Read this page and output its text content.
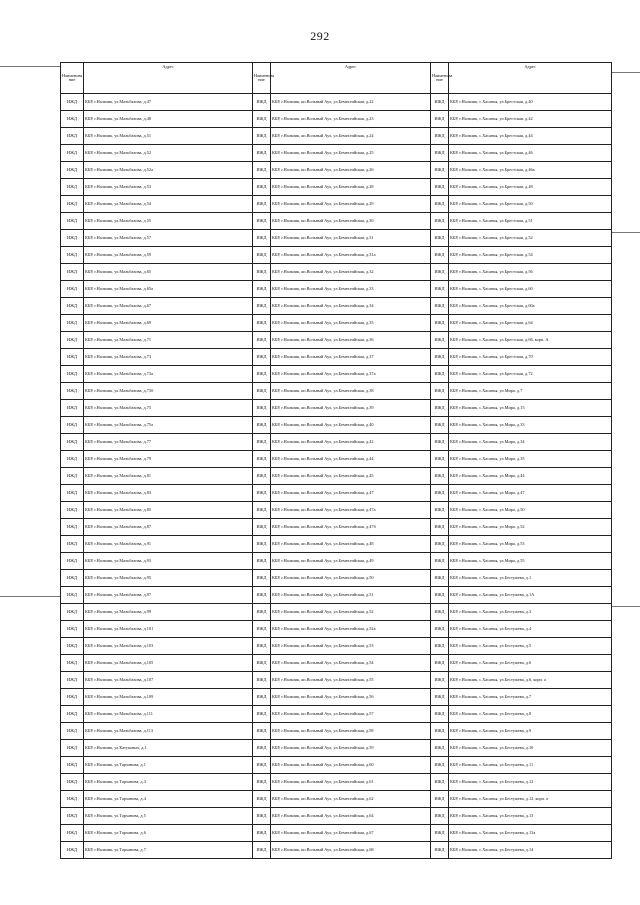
292
Наименова ние	Адрес	Наименова ние	Адрес	Наименова ние	Адрес
ИЖД	КБР, г.Нальчик, ул.Мальбахова, д.47	ИЖД	КБР, г.Нальчик, кп.Вольный Аул, ул.Бемехгийская, д.22	ИЖД	КБР, г.Нальчик, с.Хасанья, ул.Брестская, д.40
ИЖД	КБР, г.Нальчик, ул.Мальбахова, д.48	ИЖД	КБР, г.Нальчик, кп.Вольный Аул, ул.Бемехгийская, д.23	ИЖД	КБР, г.Нальчик, с.Хасанья, ул.Брестская, д.42
ИЖД	КБР, г.Нальчик, ул.Мальбахова, д.51	ИЖД	КБР, г.Нальчик, кп.Вольный Аул, ул.Бемехгийская, д.24	ИЖД	КБР, г.Нальчик, с.Хасанья, ул.Брестская, д.44
ИЖД	КБР, г.Нальчик, ул.Мальбахова, д.52	ИЖД	КБР, г.Нальчик, кп.Вольный Аул, ул.Бемехгийская, д.25	ИЖД	КБР, г.Нальчик, с.Хасанья, ул.Брестская, д.46
ИЖД	КБР, г.Нальчик, ул.Мальбахова, д.52а	ИЖД	КБР, г.Нальчик, кп.Вольный Аул, ул.Бемехгийская, д.26	ИЖД	КБР, г.Нальчик, с.Хасанья, ул.Брестская, д.46а
ИЖД	КБР, г.Нальчик, ул.Мальбахова, д.53	ИЖД	КБР, г.Нальчик, кп.Вольный Аул, ул.Бемехгийская, д.28	ИЖД	КБР, г.Нальчик, с.Хасанья, ул.Брестская, д.48
ИЖД	КБР, г.Нальчик, ул.Мальбахова, д.54	ИЖД	КБР, г.Нальчик, кп.Вольный Аул, ул.Бемехгийская, д.29	ИЖД	КБР, г.Нальчик, с.Хасанья, ул.Брестская, д.50
ИЖД	КБР, г.Нальчик, ул.Мальбахова, д.55	ИЖД	КБР, г.Нальчик, кп.Вольный Аул, ул.Бемехгийская, д.30	ИЖД	КБР, г.Нальчик, с.Хасанья, ул.Брестская, д.51
ИЖД	КБР, г.Нальчик, ул.Мальбахова, д.57	ИЖД	КБР, г.Нальчик, кп.Вольный Аул, ул.Бемехгийская, д.31	ИЖД	КБР, г.Нальчик, с.Хасанья, ул.Брестская, д.52
ИЖД	КБР, г.Нальчик, ул.Мальбахова, д.59	ИЖД	КБР, г.Нальчик, кп.Вольный Аул, ул.Бемехгийская, д.31а	ИЖД	КБР, г.Нальчик, с.Хасанья, ул.Брестская, д.54
ИЖД	КБР, г.Нальчик, ул.Мальбахова, д.65	ИЖД	КБР, г.Нальчик, кп.Вольный Аул, ул.Бемехгийская, д.32	ИЖД	КБР, г.Нальчик, с.Хасанья, ул.Брестская, д.56
ИЖД	КБР, г.Нальчик, ул.Мальбахова, д.65а	ИЖД	КБР, г.Нальчик, кп.Вольный Аул, ул.Бемехгийская, д.33	ИЖД	КБР, г.Нальчик, с.Хасанья, ул.Брестская, д.60
ИЖД	КБР, г.Нальчик, ул.Мальбахова, д.67	ИЖД	КБР, г.Нальчик, кп.Вольный Аул, ул.Бемехгийская, д.34	ИЖД	КБР, г.Нальчик, с.Хасанья, ул.Брестская, д.60а
ИЖД	КБР, г.Нальчик, ул.Мальбахова, д.69	ИЖД	КБР, г.Нальчик, кп.Вольный Аул, ул.Бемехгийская, д.35	ИЖД	КБР, г.Нальчик, с.Хасанья, ул.Брестская, д.64
ИЖД	КБР, г.Нальчик, ул.Мальбахова, д.71	ИЖД	КБР, г.Нальчик, кп.Вольный Аул, ул.Бемехгийская, д.36	ИЖД	КБР, г.Нальчик, с.Хасанья, ул.Брестская, д.66, корп. А
ИЖД	КБР, г.Нальчик, ул.Мальбахова, д.73	ИЖД	КБР, г.Нальчик, кп.Вольный Аул, ул.Бемехгийская, д.37	ИЖД	КБР, г.Нальчик, с.Хасанья, ул.Брестская, д.70
ИЖД	КБР, г.Нальчик, ул.Мальбахова, д.73а	ИЖД	КБР, г.Нальчик, кп.Вольный Аул, ул.Бемехгийская, д.37а	ИЖД	КБР, г.Нальчик, с.Хасанья, ул.Брестская, д.72
ИЖД	КБР, г.Нальчик, ул.Мальбахова, д.73б	ИЖД	КБР, г.Нальчик, кп.Вольный Аул, ул.Бемехгийская, д.38	ИЖД	КБР, г.Нальчик, с.Хасанья, ул.Мира, д.7
ИЖД	КБР, г.Нальчик, ул.Мальбахова, д.75	ИЖД	КБР, г.Нальчик, кп.Вольный Аул, ул.Бемехгийская, д.39	ИЖД	КБР, г.Нальчик, с.Хасанья, ул.Мира, д.15
ИЖД	КБР, г.Нальчик, ул.Мальбахова, д.75а	ИЖД	КБР, г.Нальчик, кп.Вольный Аул, ул.Бемехгийская, д.40	ИЖД	КБР, г.Нальчик, с.Хасанья, ул.Мира, д.33
ИЖД	КБР, г.Нальчик, ул.Мальбахова, д.77	ИЖД	КБР, г.Нальчик, кп.Вольный Аул, ул.Бемехгийская, д.42	ИЖД	КБР, г.Нальчик, с.Хасанья, ул.Мира, д.34
ИЖД	КБР, г.Нальчик, ул.Мальбахова, д.79	ИЖД	КБР, г.Нальчик, кп.Вольный Аул, ул.Бемехгийская, д.44	ИЖД	КБР, г.Нальчик, с.Хасанья, ул.Мира, д.35
ИЖД	КБР, г.Нальчик, ул.Мальбахова, д.81	ИЖД	КБР, г.Нальчик, кп.Вольный Аул, ул.Бемехгийская, д.45	ИЖД	КБР, г.Нальчик, с.Хасанья, ул.Мира, д.44
ИЖД	КБР, г.Нальчик, ул.Мальбахова, д.83	ИЖД	КБР, г.Нальчик, кп.Вольный Аул, ул.Бемехгийская, д.47	ИЖД	КБР, г.Нальчик, с.Хасанья, ул.Мира, д.47
ИЖД	КБР, г.Нальчик, ул.Мальбахова, д.85	ИЖД	КБР, г.Нальчик, кп.Вольный Аул, ул.Бемехгийская, д.47а	ИЖД	КБР, г.Нальчик, с.Хасанья, ул.Мира, д.50
ИЖД	КБР, г.Нальчик, ул.Мальбахова, д.87	ИЖД	КБР, г.Нальчик, кп.Вольный Аул, ул.Бемехгийская, д.47б	ИЖД	КБР, г.Нальчик, с.Хасанья, ул.Мира, д.52
ИЖД	КБР, г.Нальчик, ул.Мальбахова, д.91	ИЖД	КБР, г.Нальчик, кп.Вольный Аул, ул.Бемехгийская, д.48	ИЖД	КБР, г.Нальчик, с.Хасанья, ул.Мира, д.53
ИЖД	КБР, г.Нальчик, ул.Мальбахова, д.93	ИЖД	КБР, г.Нальчик, кп.Вольный Аул, ул.Бемехгийская, д.49	ИЖД	КБР, г.Нальчик, с.Хасанья, ул.Мира, д.55
ИЖД	КБР, г.Нальчик, ул.Мальбахова, д.95	ИЖД	КБР, г.Нальчик, кп.Вольный Аул, ул.Бемехгийская, д.50	ИЖД	КБР, г.Нальчик, с.Хасанья, ул.Бестужева, д.1
ИЖД	КБР, г.Нальчик, ул.Мальбахова, д.97	ИЖД	КБР, г.Нальчик, кп.Вольный Аул, ул.Бемехгийская, д.51	ИЖД	КБР, г.Нальчик, с.Хасанья, ул.Бестужева, д.1А
ИЖД	КБР, г.Нальчик, ул.Мальбахова, д.99	ИЖД	КБР, г.Нальчик, кп.Вольный Аул, ул.Бемехгийская, д.52	ИЖД	КБР, г.Нальчик, с.Хасанья, ул.Бестужева, д.3
ИЖД	КБР, г.Нальчик, ул.Мальбахова, д.101	ИЖД	КБР, г.Нальчик, кп.Вольный Аул, ул.Бемехгийская, д.52а	ИЖД	КБР, г.Нальчик, с.Хасанья, ул.Бестужева, д.4
ИЖД	КБР, г.Нальчик, ул.Мальбахова, д.103	ИЖД	КБР, г.Нальчик, кп.Вольный Аул, ул.Бемехгийская, д.53	ИЖД	КБР, г.Нальчик, с.Хасанья, ул.Бестужева, д.5
ИЖД	КБР, г.Нальчик, ул.Мальбахова, д.105	ИЖД	КБР, г.Нальчик, кп.Вольный Аул, ул.Бемехгийская, д.54	ИЖД	КБР, г.Нальчик, с.Хасанья, ул.Бестужева, д.6
ИЖД	КБР, г.Нальчик, ул.Мальбахова, д.107	ИЖД	КБР, г.Нальчик, кп.Вольный Аул, ул.Бемехгийская, д.55	ИЖД	КБР, г.Нальчик, с.Хасанья, ул.Бестужева, д.6, корп. а
ИЖД	КБР, г.Нальчик, ул.Мальбахова, д.109	ИЖД	КБР, г.Нальчик, кп.Вольный Аул, ул.Бемехгийская, д.56	ИЖД	КБР, г.Нальчик, с.Хасанья, ул.Бестужева, д.7
ИЖД	КБР, г.Нальчик, ул.Мальбахова, д.111	ИЖД	КБР, г.Нальчик, кп.Вольный Аул, ул.Бемехгийская, д.57	ИЖД	КБР, г.Нальчик, с.Хасанья, ул.Бестужева, д.8
ИЖД	КБР, г.Нальчик, ул.Мальбахова, д.113	ИЖД	КБР, г.Нальчик, кп.Вольный Аул, ул.Бемехгийская, д.58	ИЖД	КБР, г.Нальчик, с.Хасанья, ул.Бестужева, д.9
ИЖД	КБР, г.Нальчик, ул.Катуковых, д.1	ИЖД	КБР, г.Нальчик, кп.Вольный Аул, ул.Бемехгийская, д.59	ИЖД	КБР, г.Нальчик, с.Хасанья, ул.Бестужева, д.10
ИЖД	КБР, г.Нальчик, ул.Тарханова, д.1	ИЖД	КБР, г.Нальчик, кп.Вольный Аул, ул.Бемехгийская, д.60	ИЖД	КБР, г.Нальчик, с.Хасанья, ул.Бестужева, д.11
ИЖД	КБР, г.Нальчик, ул.Тарханова, д.3	ИЖД	КБР, г.Нальчик, кп.Вольный Аул, ул.Бемехгийская, д.61	ИЖД	КБР, г.Нальчик, с.Хасанья, ул.Бестужева, д.12
ИЖД	КБР, г.Нальчик, ул.Тарханова, д.4	ИЖД	КБР, г.Нальчик, кп.Вольный Аул, ул.Бемехгийская, д.62	ИЖД	КБР, г.Нальчик, с.Хасанья, ул.Бестужева, д.12, корп. а
ИЖД	КБР, г.Нальчик, ул.Тарханова, д.5	ИЖД	КБР, г.Нальчик, кп.Вольный Аул, ул.Бемехгийская, д.64	ИЖД	КБР, г.Нальчик, с.Хасанья, ул.Бестужева, д.13
ИЖД	КБР, г.Нальчик, ул.Тарханова, д.6	ИЖД	КБР, г.Нальчик, кп.Вольный Аул, ул.Бемехгийская, д.67	ИЖД	КБР, г.Нальчик, с.Хасанья, ул.Бестужева, д.13а
ИЖД	КБР, г.Нальчик, ул.Тарханова, д.7	ИЖД	КБР, г.Нальчик, кп.Вольный Аул, ул.Бемехгийская, д.68	ИЖД	КБР, г.Нальчик, с.Хасанья, ул.Бестужева, д.14
